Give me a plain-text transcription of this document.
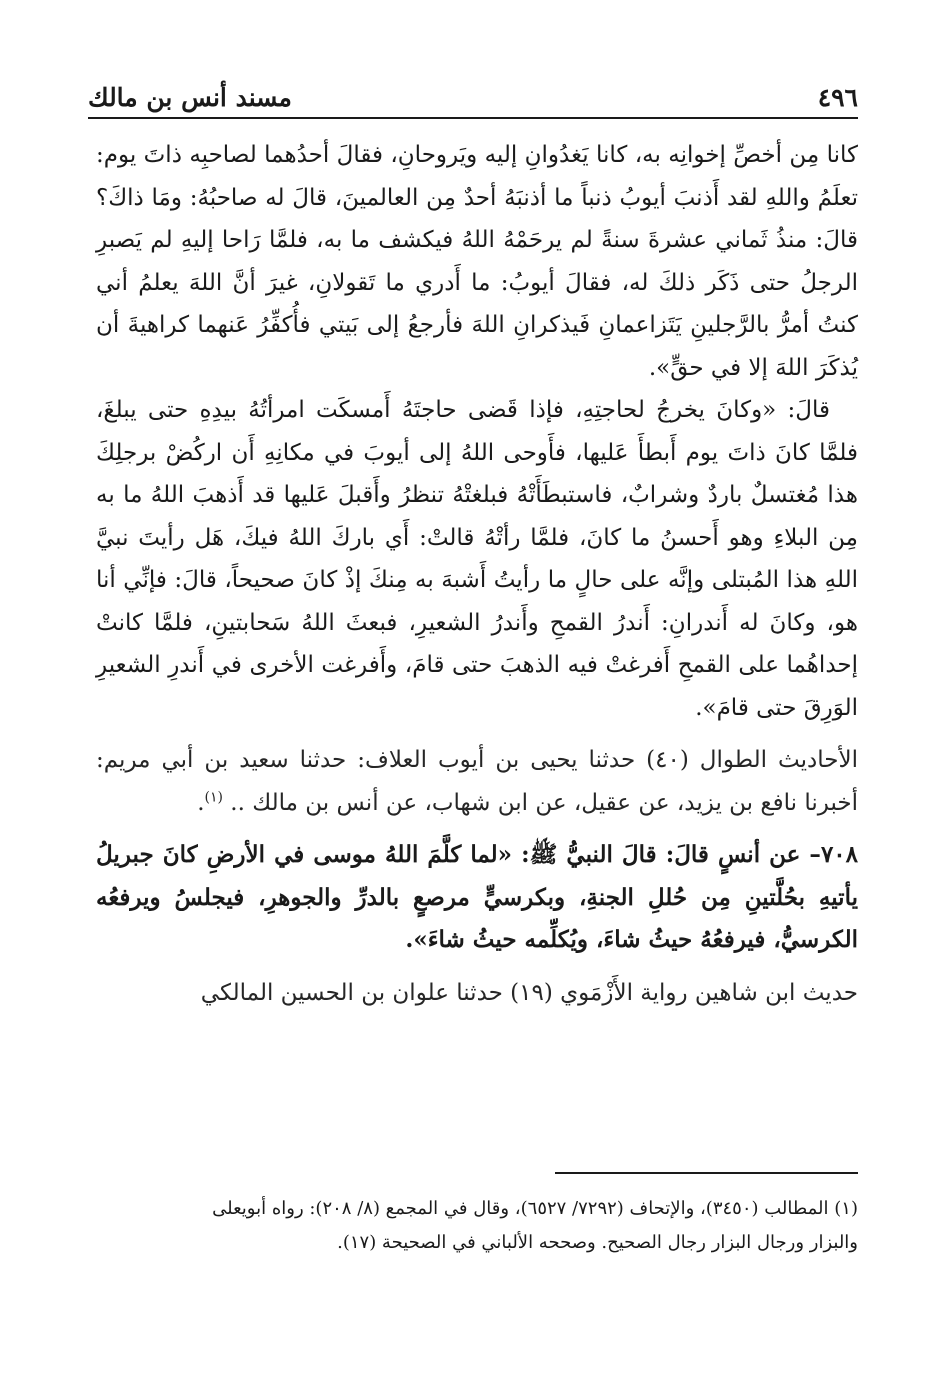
٤٩٦
مسند أنس بن مالك

كانا مِن أخصِّ إخوانِه به، كانا يَغدُوانِ إليه ويَروحانِ، فقالَ أحدُهما لصاحبِه ذاتَ يوم: تعلَمُ واللهِ لقد أَذنبَ أيوبُ ذنباً ما أذنبَهُ أحدٌ مِن العالمينَ، قالَ له صاحبُهُ: ومَا ذاكَ؟ قالَ: منذُ ثَماني عشرةَ سنةً لم يرحَمْهُ اللهُ فيكشف ما به، فلمَّا رَاحا إليهِ لم يَصبرِ الرجلُ حتى ذَكَر ذلكَ له، فقالَ أيوبُ: ما أَدري ما تَقولانِ، غيرَ أنَّ اللهَ يعلمُ أني كنتُ أمرُّ بالرَّجلينِ يَتَزاعمانِ فَيذكرانِ اللهَ فأرجعُ إلى بَيتي فأُكفِّرُ عَنهما كراهيةَ أن يُذكَرَ اللهَ إلا في حقٍّ».

قالَ: «وكانَ يخرجُ لحاجتِهِ، فإذا قَضى حاجتَهُ أَمسكَت امرأتُهُ بيدِهِ حتى يبلغَ، فلمَّا كانَ ذاتَ يوم أَبطأَ عَليها، فأَوحى اللهُ إلى أيوبَ في مكانِهِ أَن اركُضْ برجلِكَ هذا مُغتسلٌ باردٌ وشرابٌ، فاستبطَأَتْهُ فبلغتْهُ تنظرُ وأَقبلَ عَليها قد أَذهبَ اللهُ ما به مِن البلاءِ وهو أَحسنُ ما كانَ، فلمَّا رأتْهُ قالتْ: أَي باركَ اللهُ فيكَ، هَل رأيتَ نبيَّ اللهِ هذا المُبتلى وإنَّه على حالٍ ما رأيتُ أَشبهَ به مِنكَ إذْ كانَ صحيحاً، قالَ: فإنِّي أنا هو، وكانَ له أَندرانِ: أَندرُ القمحِ وأَندرُ الشعيرِ، فبعثَ اللهُ سَحابتينِ، فلمَّا كانتْ إحداهُما على القمحِ أَفرغتْ فيه الذهبَ حتى قامَ، وأَفرغت الأخرى في أَندرِ الشعيرِ الوَرِقَ حتى قامَ».

الأحاديث الطوال (٤٠) حدثنا يحيى بن أيوب العلاف: حدثنا سعيد بن أبي مريم: أخبرنا نافع بن يزيد، عن عقيل، عن ابن شهاب، عن أنس بن مالك .. $^{(١)}$.

٧٠٨– عن أنسٍ قالَ: قالَ النبيُّ ﷺ: «لما كلَّمَ اللهُ موسى في الأرضِ كانَ جبريلُ يأتيهِ بحُلَّتينِ مِن حُللِ الجنةِ، وبكرسيٍّ مرصعٍ بالدرِّ والجوهرِ، فيجلسُ ويرفعُه الكرسيُّ، فيرفعُهُ حيثُ شاءَ، ويُكلِّمه حيثُ شاءَ».

حديث ابن شاهين رواية الأَزْمَوي (١٩) حدثنا علوان بن الحسين المالكي

(١) المطالب (٣٤٥٠)، والإتحاف (٧٢٩٢/ ٦٥٢٧)، وقال في المجمع (٨/ ٢٠٨): رواه أبويعلى

والبزار ورجال البزار رجال الصحيح. وصححه الألباني في الصحيحة (١٧).
